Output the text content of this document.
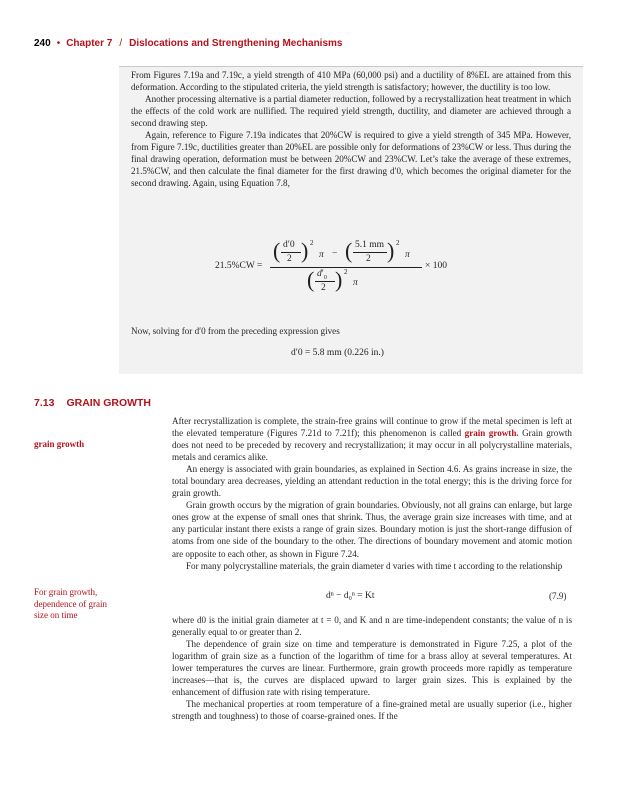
240 • Chapter 7 / Dislocations and Strengthening Mechanisms

From Figures 7.19a and 7.19c, a yield strength of 410 MPa (60,000 psi) and a ductility of 8%EL are attained from this deformation. According to the stipulated criteria, the yield strength is satisfactory; however, the ductility is too low.

Another processing alternative is a partial diameter reduction, followed by a recrystallization heat treatment in which the effects of the cold work are nullified. The required yield strength, ductility, and diameter are achieved through a second drawing step.

Again, reference to Figure 7.19a indicates that 20%CW is required to give a yield strength of 345 MPa. However, from Figure 7.19c, ductilities greater than 20%EL are possible only for deformations of 23%CW or less. Thus during the final drawing operation, deformation must be between 20%CW and 23%CW. Let’s take the average of these extremes, 21.5%CW, and then calculate the final diameter for the first drawing d′0, which becomes the original diameter for the second drawing. Again, using Equation 7.8,

21.5%CW =
( d′0
2 ) 2
π − ( 5.1 mm
2 ) 2
π
( $d'_0$
2 ) 2
π
× 100

Now, solving for d′0 from the preceding expression gives

d′0 = 5.8 mm (0.226 in.)
7.13 GRAIN GROWTH
grain growth
For grain growth,
dependence of grain
size on time

After recrystallization is complete, the strain-free grains will continue to grow if the metal specimen is left at the elevated temperature (Figures 7.21d to 7.21f); this phenomenon is called grain growth. Grain growth does not need to be preceded by recovery and recrystallization; it may occur in all polycrystalline materials, metals and ceramics alike.

An energy is associated with grain boundaries, as explained in Section 4.6. As grains increase in size, the total boundary area decreases, yielding an attendant reduction in the total energy; this is the driving force for grain growth.

Grain growth occurs by the migration of grain boundaries. Obviously, not all grains can enlarge, but large ones grow at the expense of small ones that shrink. Thus, the average grain size increases with time, and at any particular instant there exists a range of grain sizes. Boundary motion is just the short-range diffusion of atoms from one side of the boundary to the other. The directions of boundary movement and atomic motion are opposite to each other, as shown in Figure 7.24.

For many polycrystalline materials, the grain diameter d varies with time t according to the relationship

dⁿ − d₀ⁿ = Kt	(7.9)

where d0 is the initial grain diameter at t = 0, and K and n are time-independent constants; the value of n is generally equal to or greater than 2.

The dependence of grain size on time and temperature is demonstrated in Figure 7.25, a plot of the logarithm of grain size as a function of the logarithm of time for a brass alloy at several temperatures. At lower temperatures the curves are linear. Furthermore, grain growth proceeds more rapidly as temperature increases—that is, the curves are displaced upward to larger grain sizes. This is explained by the enhancement of diffusion rate with rising temperature.

The mechanical properties at room temperature of a fine-grained metal are usually superior (i.e., higher strength and toughness) to those of coarse-grained ones. If the
